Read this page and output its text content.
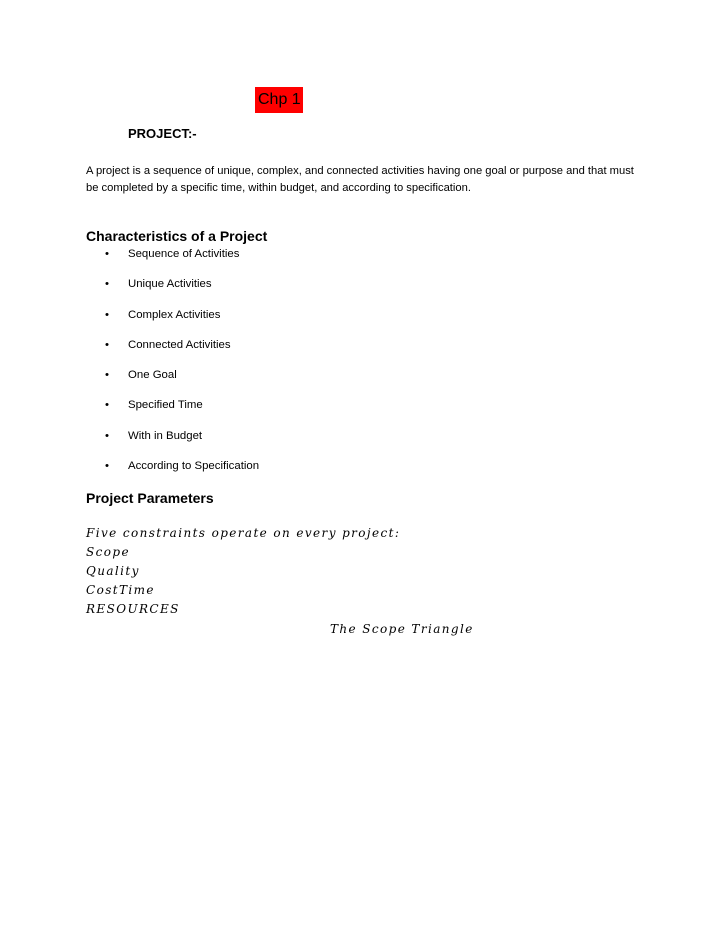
Chp 1
PROJECT:-

A project is a sequence of unique, complex, and connected activities having one goal or purpose and that must be completed by a specific time, within budget, and according to specification.

Characteristics of a Project
• Sequence of Activities
• Unique Activities
• Complex Activities
• Connected Activities
• One Goal
• Specified Time
• With in Budget
• According to Specification
Project Parameters
Five constraints operate on every project:
Scope
Quality
CostTime
RESOURCES
The Scope Triangle
